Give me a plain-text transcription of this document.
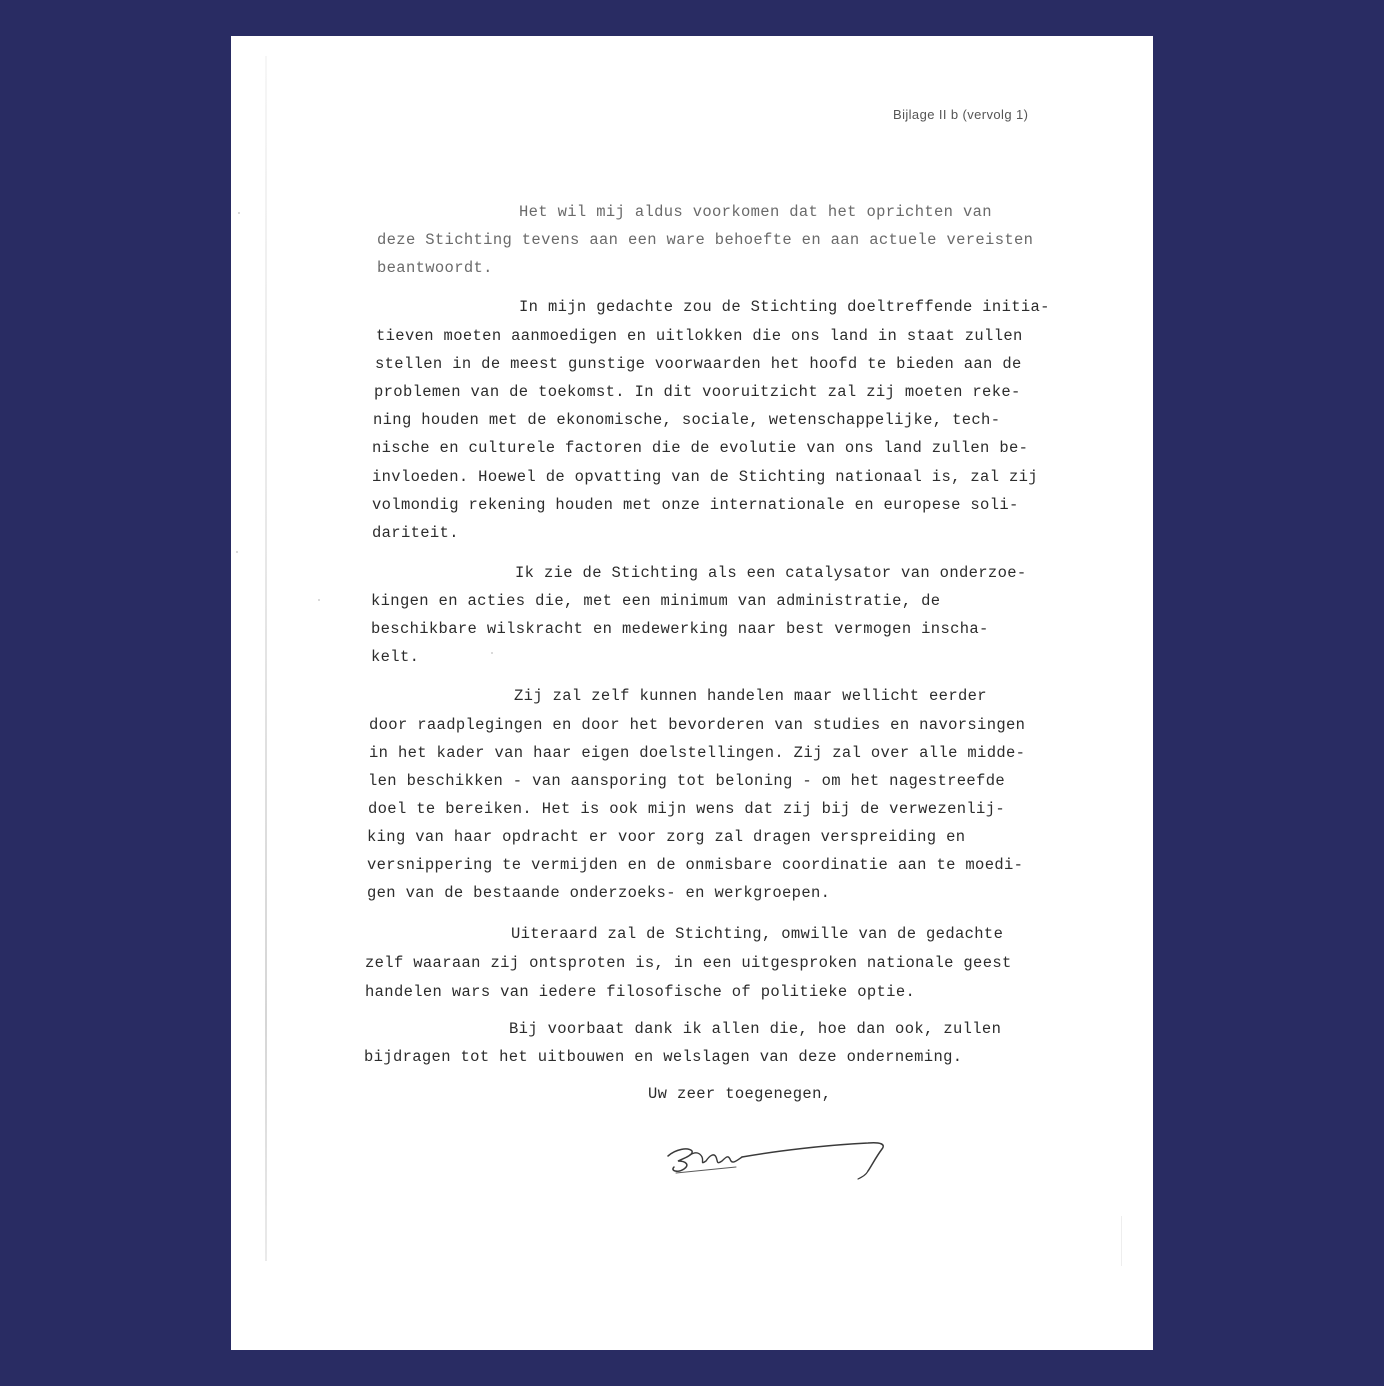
Bijlage II b (vervolg 1)
Het wil mij aldus voorkomen dat het oprichten van
deze Stichting tevens aan een ware behoefte en aan actuele vereisten
beantwoordt.
In mijn gedachte zou de Stichting doeltreffende initia-
tieven moeten aanmoedigen en uitlokken die ons land in staat zullen
stellen in de meest gunstige voorwaarden het hoofd te bieden aan de
problemen van de toekomst. In dit vooruitzicht zal zij moeten reke-
ning houden met de ekonomische, sociale, wetenschappelijke, tech-
nische en culturele factoren die de evolutie van ons land zullen be-
invloeden. Hoewel de opvatting van de Stichting nationaal is, zal zij
volmondig rekening houden met onze internationale en europese soli-
dariteit.
Ik zie de Stichting als een catalysator van onderzoe-
kingen en acties die, met een minimum van administratie, de
beschikbare wilskracht en medewerking naar best vermogen inscha-
kelt.
Zij zal zelf kunnen handelen maar wellicht eerder
door raadplegingen en door het bevorderen van studies en navorsingen
in het kader van haar eigen doelstellingen. Zij zal over alle midde-
len beschikken - van aansporing tot beloning - om het nagestreefde
doel te bereiken. Het is ook mijn wens dat zij bij de verwezenlij-
king van haar opdracht er voor zorg zal dragen verspreiding en
versnippering te vermijden en de onmisbare coordinatie aan te moedi-
gen van de bestaande onderzoeks- en werkgroepen.
Uiteraard zal de Stichting, omwille van de gedachte
zelf waaraan zij ontsproten is, in een uitgesproken nationale geest
handelen wars van iedere filosofische of politieke optie.
Bij voorbaat dank ik allen die, hoe dan ook, zullen
bijdragen tot het uitbouwen en welslagen van deze onderneming.
Uw zeer toegenegen,
